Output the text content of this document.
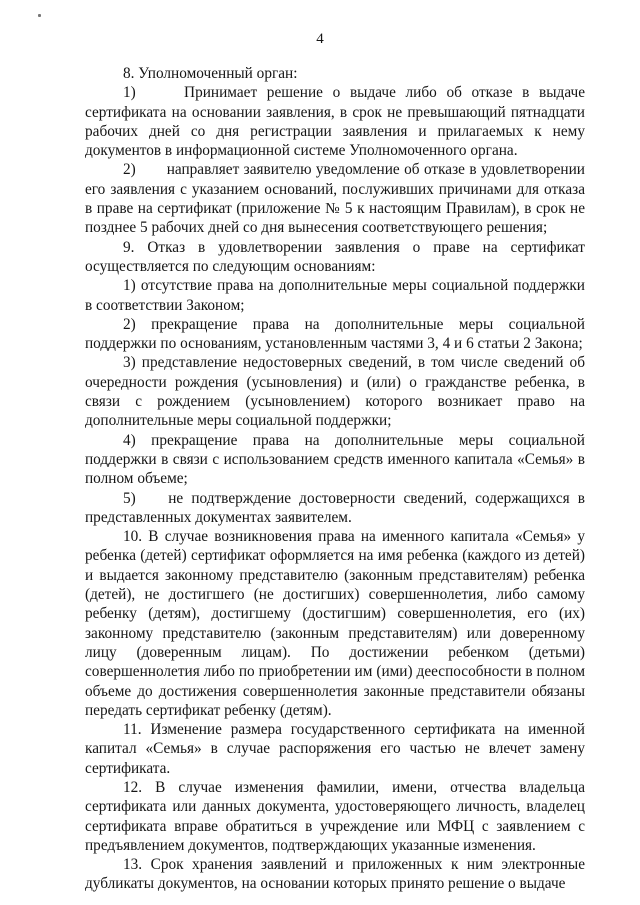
4

8. Уполномоченный орган:

1)     Принимает решение о выдаче либо об отказе в выдаче сертификата на основании заявления, в срок не превышающий пятнадцати рабочих дней со дня регистрации заявления и прилагаемых к нему документов в информационной системе Уполномоченного органа.

2)       направляет заявителю уведомление об отказе в удовлетворении его заявления с указанием оснований, послуживших причинами для отказа в праве на сертификат (приложение № 5 к настоящим Правилам), в срок не позднее 5 рабочих дней со дня вынесения соответствующего решения;

9. Отказ в удовлетворении заявления о праве на сертификат осуществляется по следующим основаниям:

1) отсутствие права на дополнительные меры социальной поддержки в соответствии Законом;

2) прекращение права на дополнительные меры социальной поддержки по основаниям, установленным частями 3, 4 и 6 статьи 2 Закона;

3) представление недостоверных сведений, в том числе сведений об очередности рождения (усыновления) и (или) о гражданстве ребенка, в связи с рождением (усыновлением) которого возникает право на дополнительные меры социальной поддержки;

4) прекращение права на дополнительные меры социальной поддержки в связи с использованием средств именного капитала «Семья» в полном объеме;

5)    не подтверждение достоверности сведений, содержащихся в представленных документах заявителем.

10. В случае возникновения права на именного капитала «Семья» у ребенка (детей) сертификат оформляется на имя ребенка (каждого из детей) и выдается законному представителю (законным представителям) ребенка (детей), не достигшего (не достигших) совершеннолетия, либо самому ребенку (детям), достигшему (достигшим) совершеннолетия, его (их) законному представителю (законным представителям) или доверенному лицу (доверенным лицам). По достижении ребенком (детьми) совершеннолетия либо по приобретении им (ими) дееспособности в полном объеме до достижения совершеннолетия законные представители обязаны передать сертификат ребенку (детям).

11. Изменение размера государственного сертификата на именной капитал «Семья» в случае распоряжения его частью не влечет замену сертификата.

12. В случае изменения фамилии, имени, отчества владельца сертификата или данных документа, удостоверяющего личность, владелец сертификата вправе обратиться в учреждение или МФЦ с заявлением с предъявлением документов, подтверждающих указанные изменения.

13. Срок хранения заявлений и приложенных к ним электронные дубликаты документов, на основании которых принято решение о выдаче
